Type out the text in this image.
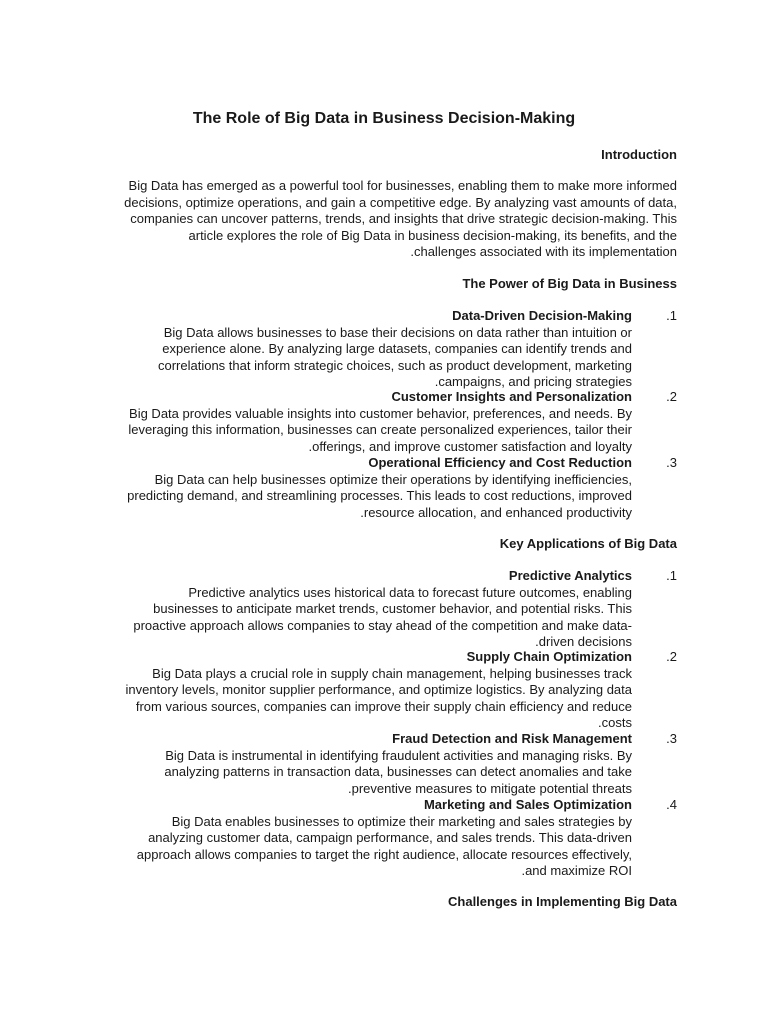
The Role of Big Data in Business Decision-Making
Introduction

Big Data has emerged as a powerful tool for businesses, enabling them to make more informed
decisions, optimize operations, and gain a competitive edge. By analyzing vast amounts of data,
companies can uncover patterns, trends, and insights that drive strategic decision-making. This
article explores the role of Big Data in business decision-making, its benefits, and the
.challenges associated with its implementation

The Power of Big Data in Business
.1
Data-Driven Decision-Making
Big Data allows businesses to base their decisions on data rather than intuition or
experience alone. By analyzing large datasets, companies can identify trends and
correlations that inform strategic choices, such as product development, marketing
.campaigns, and pricing strategies
.2
Customer Insights and Personalization
Big Data provides valuable insights into customer behavior, preferences, and needs. By
leveraging this information, businesses can create personalized experiences, tailor their
.offerings, and improve customer satisfaction and loyalty
.3
Operational Efficiency and Cost Reduction
Big Data can help businesses optimize their operations by identifying inefficiencies,
predicting demand, and streamlining processes. This leads to cost reductions, improved
.resource allocation, and enhanced productivity
Key Applications of Big Data
.1
Predictive Analytics
Predictive analytics uses historical data to forecast future outcomes, enabling
businesses to anticipate market trends, customer behavior, and potential risks. This
proactive approach allows companies to stay ahead of the competition and make data-
.driven decisions
.2
Supply Chain Optimization
Big Data plays a crucial role in supply chain management, helping businesses track
inventory levels, monitor supplier performance, and optimize logistics. By analyzing data
from various sources, companies can improve their supply chain efficiency and reduce
.costs
.3
Fraud Detection and Risk Management
Big Data is instrumental in identifying fraudulent activities and managing risks. By
analyzing patterns in transaction data, businesses can detect anomalies and take
.preventive measures to mitigate potential threats
.4
Marketing and Sales Optimization
Big Data enables businesses to optimize their marketing and sales strategies by
analyzing customer data, campaign performance, and sales trends. This data-driven
approach allows companies to target the right audience, allocate resources effectively,
.and maximize ROI
Challenges in Implementing Big Data
